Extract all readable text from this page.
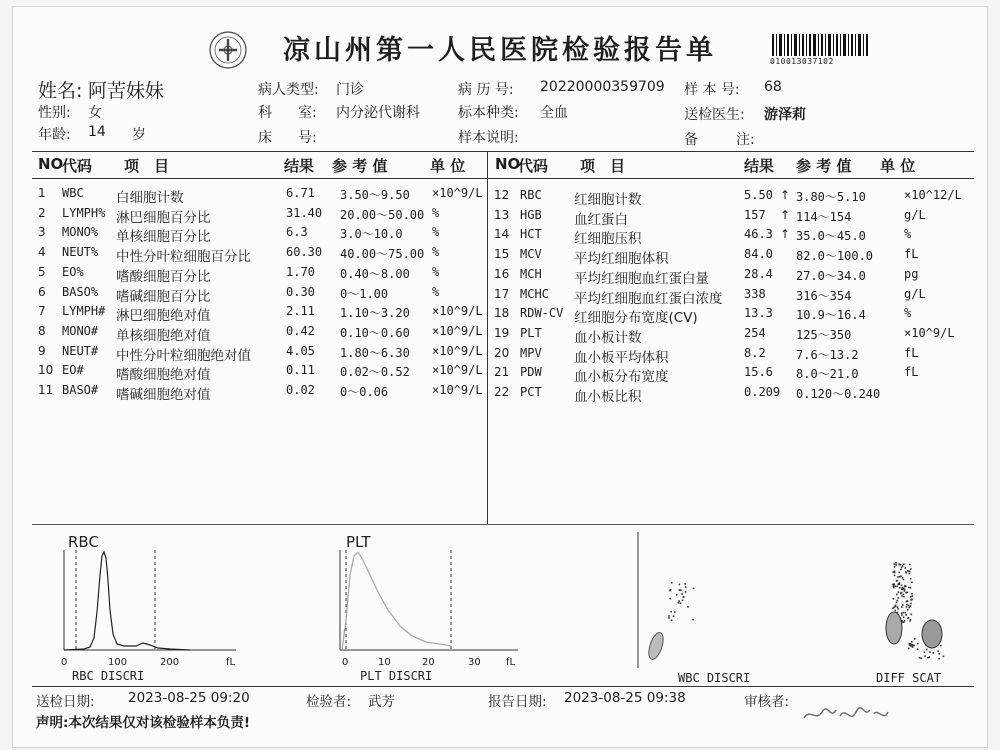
凉山州第一人民医院检验报告单	010013037102
姓名: 阿苦妹妹
性别: 女
年龄: 14 岁
病人类型: 门诊
科 室: 内分泌代谢科
床 号:
病 历 号: 20220000359709
标本种类: 全血
样本说明:
样 本 号: 68
送检医生: 游泽莉
备	注:
NO
代码 项　目	结果 参 考 值	单 位 NO
代码 项　目	结果 参 考 值 单 位
1 WBC 白细胞计数	6.71 3.50～9.50 ×10^9/L
2 LYMPH% 淋巴细胞百分比	31.40 20.00～50.00 %
3 MONO% 单核细胞百分比	6.3	3.0～10.0 %
4 NEUT% 中性分叶粒细胞百分比	60.30 40.00～75.00 %
5 EO% 嗜酸细胞百分比	1.70 0.40～8.00 %
6 BASO% 嗜碱细胞百分比	0.30 0～1.00	%
7 LYMPH# 淋巴细胞绝对值	2.11 1.10～3.20 ×10^9/L
8 MONO# 单核细胞绝对值	0.42 0.10～0.60 ×10^9/L
9 NEUT# 中性分叶粒细胞绝对值	4.05 1.80～6.30 ×10^9/L
10 EO# 嗜酸细胞绝对值	0.11 0.02～0.52 ×10^9/L
11 BASO# 嗜碱细胞绝对值	0.02 0～0.06	×10^9/L
12 RBC 红细胞计数	5.50 ↑ 3.80～5.10	×10^12/L
13 HGB 血红蛋白	157 ↑ 114～154	g/L
14 HCT 红细胞压积	46.3 ↑ 35.0～45.0	%
15 MCV 平均红细胞体积	84.0 82.0～100.0	fL
16 MCH 平均红细胞血红蛋白量	28.4 27.0～34.0	pg
17 MCHC 平均红细胞血红蛋白浓度 338	316～354	g/L
18 RDW-CV 红细胞分布宽度(CV)	13.3 10.9～16.4	%
19 PLT 血小板计数	254	125～350	×10^9/L
20 MPV 血小板平均体积	8.2	7.6～13.2	fL
21 PDW 血小板分布宽度	15.6 8.0～21.0	fL
22 PCT 血小板比积	0.209 0.120～0.240
RBC
0	100	200	fL
RBC DISCRI
PLT
0	10	20	30	fL
PLT DISCRI	WBC DISCRI	DIFF SCAT
送检日期: 2023-08-25 09:20	检验者: 武芳	报告日期: 2023-08-25 09:38	审核者:
声明:本次结果仅对该检验样本负责!
